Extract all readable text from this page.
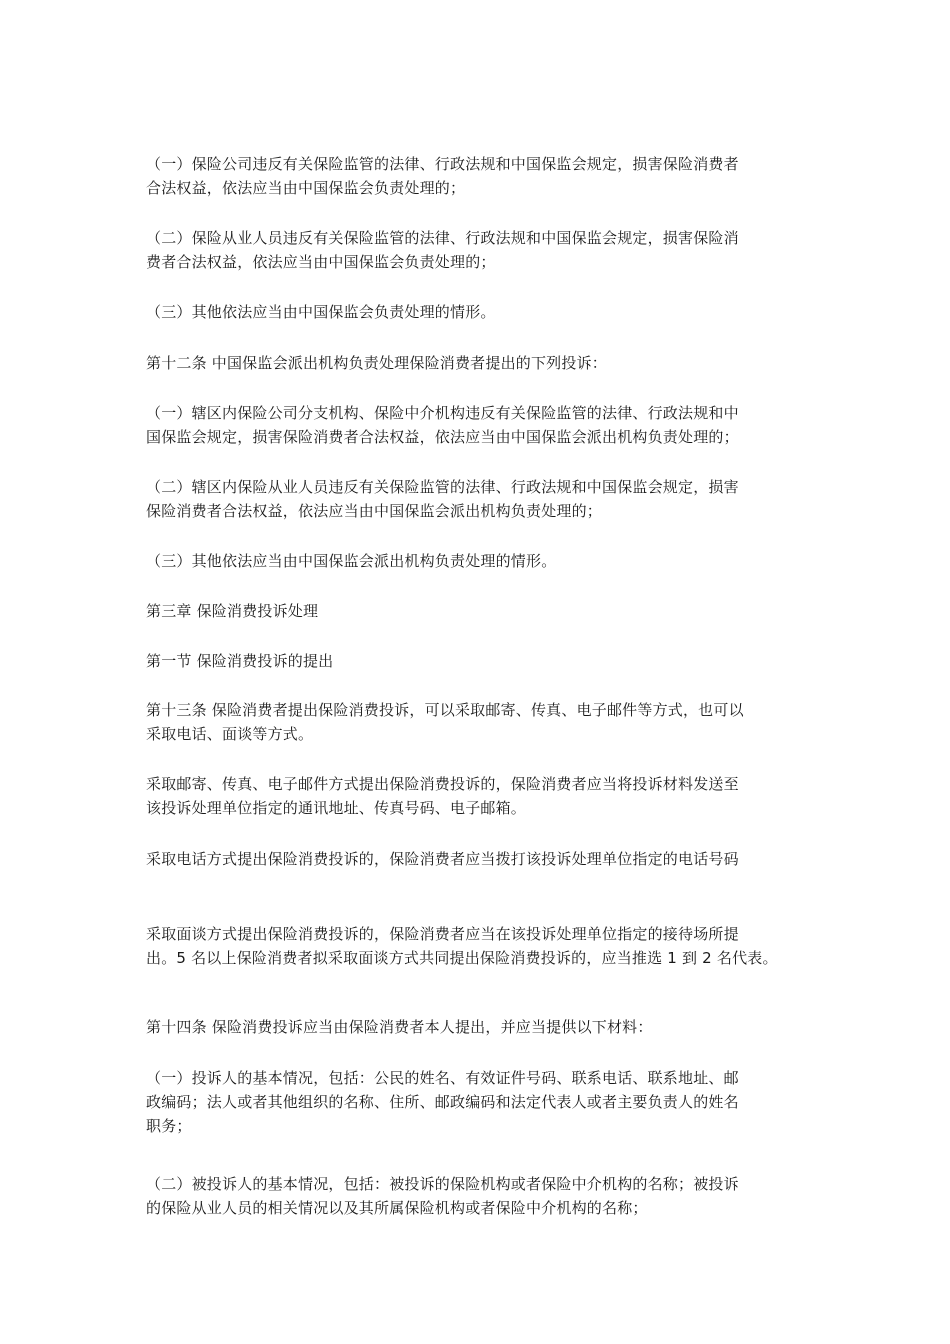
（一）保险公司违反有关保险监管的法律、行政法规和中国保监会规定，损害保险消费者
合法权益，依法应当由中国保监会负责处理的；
（二）保险从业人员违反有关保险监管的法律、行政法规和中国保监会规定，损害保险消
费者合法权益，依法应当由中国保监会负责处理的；
（三）其他依法应当由中国保监会负责处理的情形。
第十二条 中国保监会派出机构负责处理保险消费者提出的下列投诉：
（一）辖区内保险公司分支机构、保险中介机构违反有关保险监管的法律、行政法规和中
国保监会规定，损害保险消费者合法权益，依法应当由中国保监会派出机构负责处理的；
（二）辖区内保险从业人员违反有关保险监管的法律、行政法规和中国保监会规定，损害
保险消费者合法权益，依法应当由中国保监会派出机构负责处理的；
（三）其他依法应当由中国保监会派出机构负责处理的情形。
第三章 保险消费投诉处理
第一节 保险消费投诉的提出
第十三条 保险消费者提出保险消费投诉，可以采取邮寄、传真、电子邮件等方式，也可以
采取电话、面谈等方式。
采取邮寄、传真、电子邮件方式提出保险消费投诉的，保险消费者应当将投诉材料发送至
该投诉处理单位指定的通讯地址、传真号码、电子邮箱。
采取电话方式提出保险消费投诉的，保险消费者应当拨打该投诉处理单位指定的电话号码
采取面谈方式提出保险消费投诉的，保险消费者应当在该投诉处理单位指定的接待场所提
出。5 名以上保险消费者拟采取面谈方式共同提出保险消费投诉的，应当推选 1 到 2 名代表。
第十四条 保险消费投诉应当由保险消费者本人提出，并应当提供以下材料：
（一）投诉人的基本情况，包括：公民的姓名、有效证件号码、联系电话、联系地址、邮
政编码；法人或者其他组织的名称、住所、邮政编码和法定代表人或者主要负责人的姓名
职务；
（二）被投诉人的基本情况，包括：被投诉的保险机构或者保险中介机构的名称；被投诉
的保险从业人员的相关情况以及其所属保险机构或者保险中介机构的名称；
